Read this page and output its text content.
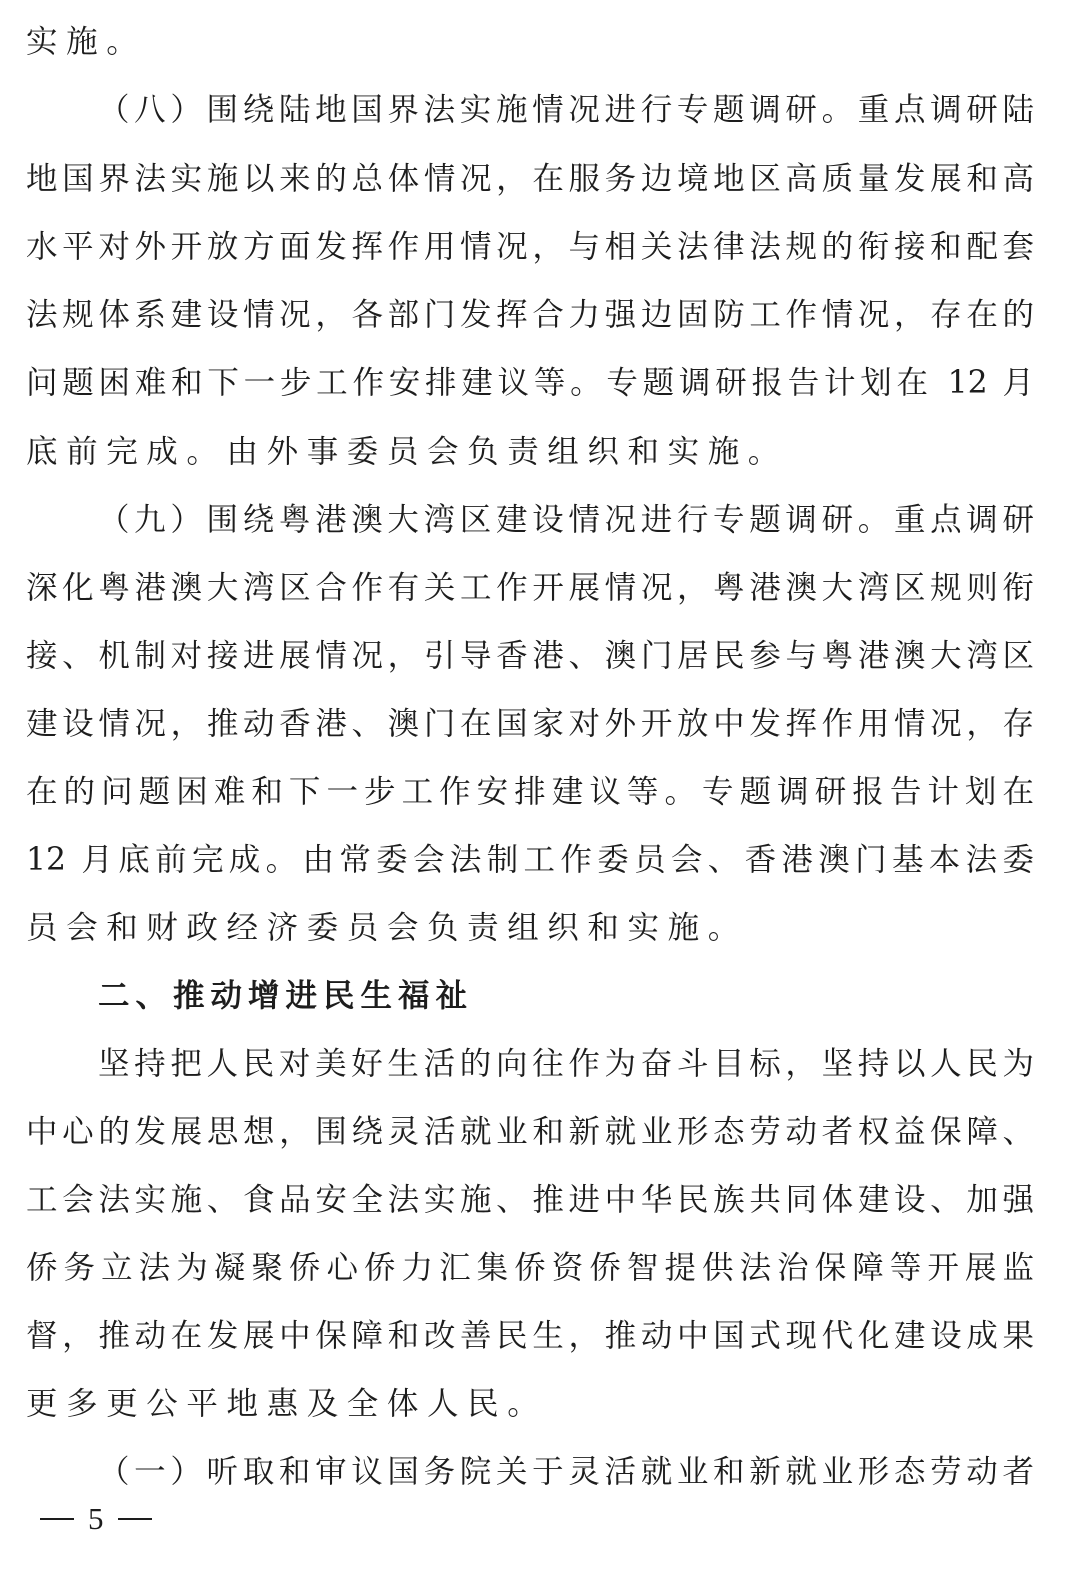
实施。
（八）围绕陆地国界法实施情况进行专题调研。重点调研陆
地国界法实施以来的总体情况，在服务边境地区高质量发展和高
水平对外开放方面发挥作用情况，与相关法律法规的衔接和配套
法规体系建设情况，各部门发挥合力强边固防工作情况，存在的
问题困难和下一步工作安排建议等。专题调研报告计划在 12 月
底前完成。由外事委员会负责组织和实施。
（九）围绕粤港澳大湾区建设情况进行专题调研。重点调研
深化粤港澳大湾区合作有关工作开展情况，粤港澳大湾区规则衔
接、机制对接进展情况，引导香港、澳门居民参与粤港澳大湾区
建设情况，推动香港、澳门在国家对外开放中发挥作用情况，存
在的问题困难和下一步工作安排建议等。专题调研报告计划在
12 月底前完成。由常委会法制工作委员会、香港澳门基本法委
员会和财政经济委员会负责组织和实施。
二、推动增进民生福祉
坚持把人民对美好生活的向往作为奋斗目标，坚持以人民为
中心的发展思想，围绕灵活就业和新就业形态劳动者权益保障、
工会法实施、食品安全法实施、推进中华民族共同体建设、加强
侨务立法为凝聚侨心侨力汇集侨资侨智提供法治保障等开展监
督，推动在发展中保障和改善民生，推动中国式现代化建设成果
更多更公平地惠及全体人民。
（一）听取和审议国务院关于灵活就业和新就业形态劳动者
5
